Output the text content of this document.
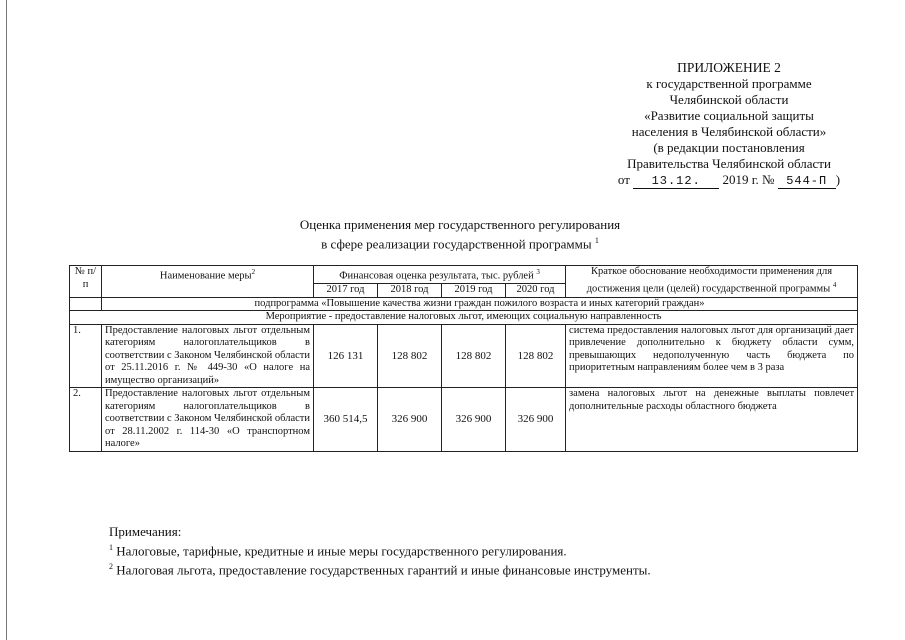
ПРИЛОЖЕНИЕ 2
к государственной программе
Челябинской области
«Развитие социальной защиты
населения в Челябинской области»
(в редакции постановления
Правительства Челябинской области
от 13.12. 2019 г. № 544-П )
Оценка применения мер государственного регулирования
в сфере реализации государственной программы $^1$
№ п/п	Наименование меры$^2$	Финансовая оценка результата, тыс. рублей $^3$				Краткое обоснование необходимости применения для достижения цели (целей) государственной программы $^4$
		2017 год	2018 год	2019 год	2020 год	
	подпрограмма «Повышение качества жизни граждан пожилого возраста и иных категорий граждан»					
Мероприятие - предоставление налоговых льгот, имеющих социальную направленность						
1.	Предоставление налоговых льгот отдельным категориям налогоплательщиков в соответствии с Законом Челябинской области от 25.11.2016 г. № 449-30 «О налоге на имущество организаций»	126 131	128 802	128 802	128 802	система предоставления налоговых льгот для организаций дает привлечение дополнительно к бюджету области сумм, превышающих недополученную часть бюджета по приоритетным направлениям более чем в 3 раза
2.	Предоставление налоговых льгот отдельным категориям налогоплательщиков в соответствии с Законом Челябинской области от 28.11.2002 г. 114-30 «О транспортном налоге»	360 514,5	326 900	326 900	326 900	замена налоговых льгот на денежные выплаты повлечет дополнительные расходы областного бюджета
Примечания:
$^1$ Налоговые, тарифные, кредитные и иные меры государственного регулирования.
$^2$ Налоговая льгота, предоставление государственных гарантий и иные финансовые инструменты.
